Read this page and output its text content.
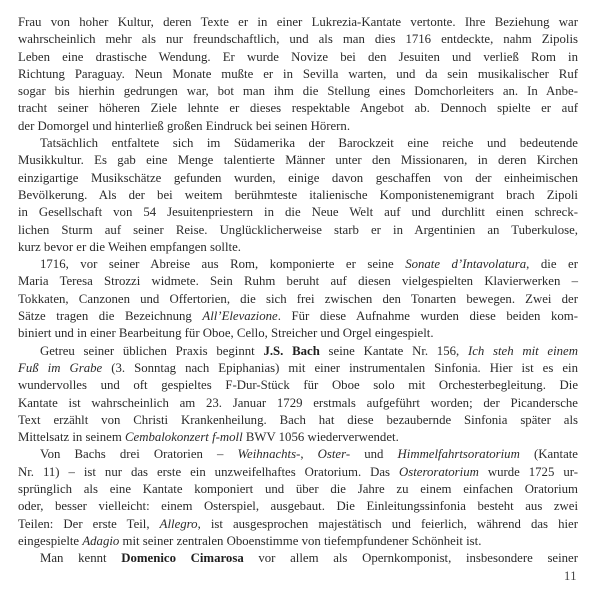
Frau von hoher Kultur, deren Texte er in einer Lukrezia-Kantate vertonte. Ihre Beziehung war
wahrscheinlich mehr als nur freundschaftlich, und als man dies 1716 entdeckte, nahm Zipolis
Leben eine drastische Wendung. Er wurde Novize bei den Jesuiten und verließ Rom in
Richtung Paraguay. Neun Monate mußte er in Sevilla warten, und da sein musikalischer Ruf
sogar bis hierhin gedrungen war, bot man ihm die Stellung eines Domchorleiters an. In Anbe-
tracht seiner höheren Ziele lehnte er dieses respektable Angebot ab. Dennoch spielte er auf
der Domorgel und hinterließ großen Eindruck bei seinen Hörern.
Tatsächlich entfaltete sich im Südamerika der Barockzeit eine reiche und bedeutende
Musikkultur. Es gab eine Menge talentierte Männer unter den Missionaren, in deren Kirchen
einzigartige Musikschätze gefunden wurden, einige davon geschaffen von der einheimischen
Bevölkerung. Als der bei weitem berühmteste italienische Komponistenemigrant brach Zipoli
in Gesellschaft von 54 Jesuitenpriestern in die Neue Welt auf und durchlitt einen schreck-
lichen Sturm auf seiner Reise. Unglücklicherweise starb er in Argentinien an Tuberkulose,
kurz bevor er die Weihen empfangen sollte.
1716, vor seiner Abreise aus Rom, komponierte er seine Sonate d’Intavolatura, die er
Maria Teresa Strozzi widmete. Sein Ruhm beruht auf diesen vielgespielten Klavierwerken –
Tokkaten, Canzonen und Offertorien, die sich frei zwischen den Tonarten bewegen. Zwei der
Sätze tragen die Bezeichnung All’Elevazione. Für diese Aufnahme wurden diese beiden kom-
biniert und in einer Bearbeitung für Oboe, Cello, Streicher und Orgel eingespielt.
Getreu seiner üblichen Praxis beginnt J.S. Bach seine Kantate Nr. 156, Ich steh mit einem
Fuß im Grabe (3. Sonntag nach Epiphanias) mit einer instrumentalen Sinfonia. Hier ist es ein
wundervolles und oft gespieltes F-Dur-Stück für Oboe solo mit Orchesterbegleitung. Die
Kantate ist wahrscheinlich am 23. Januar 1729 erstmals aufgeführt worden; der Picandersche
Text erzählt von Christi Krankenheilung. Bach hat diese bezaubernde Sinfonia später als
Mittelsatz in seinem Cembalokonzert f-moll BWV 1056 wiederverwendet.
Von Bachs drei Oratorien – Weihnachts-, Oster- und Himmelfahrtsoratorium (Kantate
Nr. 11) – ist nur das erste ein unzweifelhaftes Oratorium. Das Osteroratorium wurde 1725 ur-
sprünglich als eine Kantate komponiert und über die Jahre zu einem einfachen Oratorium
oder, besser vielleicht: einem Osterspiel, ausgebaut. Die Einleitungssinfonia besteht aus zwei
Teilen: Der erste Teil, Allegro, ist ausgesprochen majestätisch und feierlich, während das hier
eingespielte Adagio mit seiner zentralen Oboenstimme von tiefempfundener Schönheit ist.
Man kennt Domenico Cimarosa vor allem als Opernkomponist, insbesondere seiner
11
